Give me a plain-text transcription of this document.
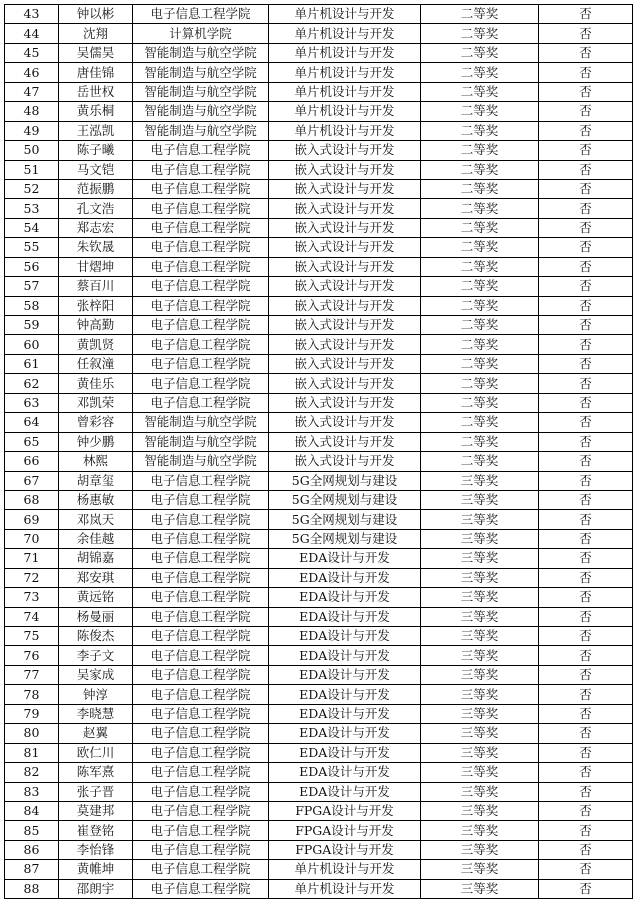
43	钟以彬	电子信息工程学院	单片机设计与开发	二等奖	否
44	沈翔	计算机学院	单片机设计与开发	二等奖	否
45	吴儒昊	智能制造与航空学院	单片机设计与开发	二等奖	否
46	唐佳锦	智能制造与航空学院	单片机设计与开发	二等奖	否
47	岳世权	智能制造与航空学院	单片机设计与开发	二等奖	否
48	黄乐桐	智能制造与航空学院	单片机设计与开发	二等奖	否
49	王泓凯	智能制造与航空学院	单片机设计与开发	二等奖	否
50	陈子曦	电子信息工程学院	嵌入式设计与开发	二等奖	否
51	马文铠	电子信息工程学院	嵌入式设计与开发	二等奖	否
52	范振鹏	电子信息工程学院	嵌入式设计与开发	二等奖	否
53	孔文浩	电子信息工程学院	嵌入式设计与开发	二等奖	否
54	郑志宏	电子信息工程学院	嵌入式设计与开发	二等奖	否
55	朱钦晟	电子信息工程学院	嵌入式设计与开发	二等奖	否
56	甘熠坤	电子信息工程学院	嵌入式设计与开发	二等奖	否
57	蔡百川	电子信息工程学院	嵌入式设计与开发	二等奖	否
58	张梓阳	电子信息工程学院	嵌入式设计与开发	二等奖	否
59	钟高勤	电子信息工程学院	嵌入式设计与开发	二等奖	否
60	黄凯贤	电子信息工程学院	嵌入式设计与开发	二等奖	否
61	任叙潼	电子信息工程学院	嵌入式设计与开发	二等奖	否
62	黄佳乐	电子信息工程学院	嵌入式设计与开发	二等奖	否
63	邓凯荣	电子信息工程学院	嵌入式设计与开发	二等奖	否
64	曾彩容	智能制造与航空学院	嵌入式设计与开发	二等奖	否
65	钟少鹏	智能制造与航空学院	嵌入式设计与开发	二等奖	否
66	林熙	智能制造与航空学院	嵌入式设计与开发	二等奖	否
67	胡章玺	电子信息工程学院	5G全网规划与建设	三等奖	否
68	杨惠敏	电子信息工程学院	5G全网规划与建设	三等奖	否
69	邓岚天	电子信息工程学院	5G全网规划与建设	三等奖	否
70	余佳越	电子信息工程学院	5G全网规划与建设	三等奖	否
71	胡锦嘉	电子信息工程学院	EDA设计与开发	三等奖	否
72	郑安琪	电子信息工程学院	EDA设计与开发	三等奖	否
73	黄远铭	电子信息工程学院	EDA设计与开发	三等奖	否
74	杨曼丽	电子信息工程学院	EDA设计与开发	三等奖	否
75	陈俊杰	电子信息工程学院	EDA设计与开发	三等奖	否
76	李子文	电子信息工程学院	EDA设计与开发	三等奖	否
77	吴家成	电子信息工程学院	EDA设计与开发	三等奖	否
78	钟淳	电子信息工程学院	EDA设计与开发	三等奖	否
79	李晓慧	电子信息工程学院	EDA设计与开发	三等奖	否
80	赵翼	电子信息工程学院	EDA设计与开发	三等奖	否
81	欧仁川	电子信息工程学院	EDA设计与开发	三等奖	否
82	陈军熹	电子信息工程学院	EDA设计与开发	三等奖	否
83	张子晋	电子信息工程学院	EDA设计与开发	三等奖	否
84	莫建邦	电子信息工程学院	FPGA设计与开发	三等奖	否
85	崔登铭	电子信息工程学院	FPGA设计与开发	三等奖	否
86	李怡锋	电子信息工程学院	FPGA设计与开发	三等奖	否
87	黄帷坤	电子信息工程学院	单片机设计与开发	三等奖	否
88	邵朗宇	电子信息工程学院	单片机设计与开发	三等奖	否
